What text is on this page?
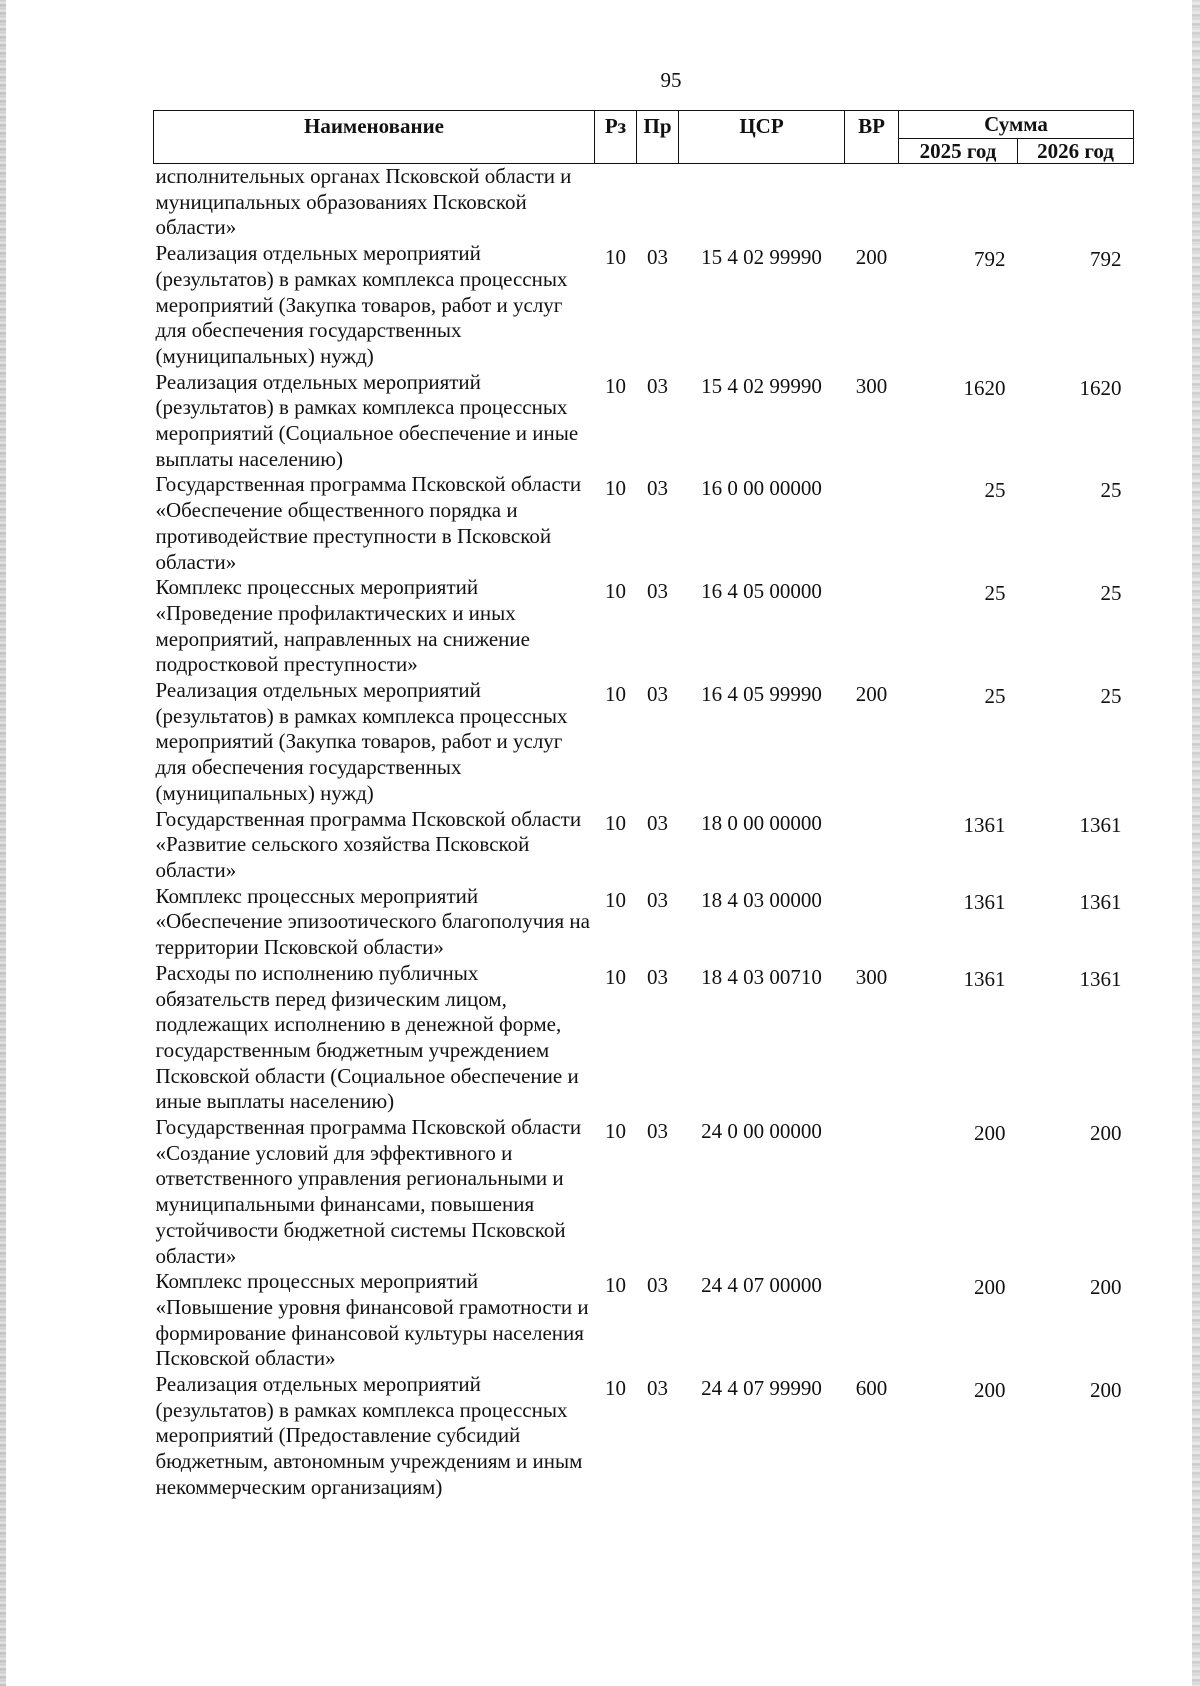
95
Наименование	Рз	Пр	ЦСР	ВР	Сумма	
					2025 год	2026 год
исполнительных органах Псковской области и муниципальных образованиях Псковской области»						
Реализация отдельных мероприятий (результатов) в рамках комплекса процессных мероприятий (Закупка товаров, работ и услуг для обеспечения государственных (муниципальных) нужд)	10	03	15 4 02 99990	200	792	792
Реализация отдельных мероприятий (результатов) в рамках комплекса процессных мероприятий (Социальное обеспечение и иные выплаты населению)	10	03	15 4 02 99990	300	1620	1620
Государственная программа Псковской области «Обеспечение общественного порядка и противодействие преступности в Псковской области»	10	03	16 0 00 00000		25	25
Комплекс процессных мероприятий «Проведение профилактических и иных мероприятий, направленных на снижение подростковой преступности»	10	03	16 4 05 00000		25	25
Реализация отдельных мероприятий (результатов) в рамках комплекса процессных мероприятий (Закупка товаров, работ и услуг для обеспечения государственных (муниципальных) нужд)	10	03	16 4 05 99990	200	25	25
Государственная программа Псковской области «Развитие сельского хозяйства Псковской области»	10	03	18 0 00 00000		1361	1361
Комплекс процессных мероприятий «Обеспечение эпизоотического благополучия на территории Псковской области»	10	03	18 4 03 00000		1361	1361
Расходы по исполнению публичных обязательств перед физическим лицом, подлежащих исполнению в денежной форме, государственным бюджетным учреждением Псковской области (Социальное обеспечение и иные выплаты населению)	10	03	18 4 03 00710	300	1361	1361
Государственная программа Псковской области «Создание условий для эффективного и ответственного управления региональными и муниципальными финансами, повышения устойчивости бюджетной системы Псковской области»	10	03	24 0 00 00000		200	200
Комплекс процессных мероприятий «Повышение уровня финансовой грамотности и формирование финансовой культуры населения Псковской области»	10	03	24 4 07 00000		200	200
Реализация отдельных мероприятий (результатов) в рамках комплекса процессных мероприятий (Предоставление субсидий бюджетным, автономным учреждениям и иным некоммерческим организациям)	10	03	24 4 07 99990	600	200	200
